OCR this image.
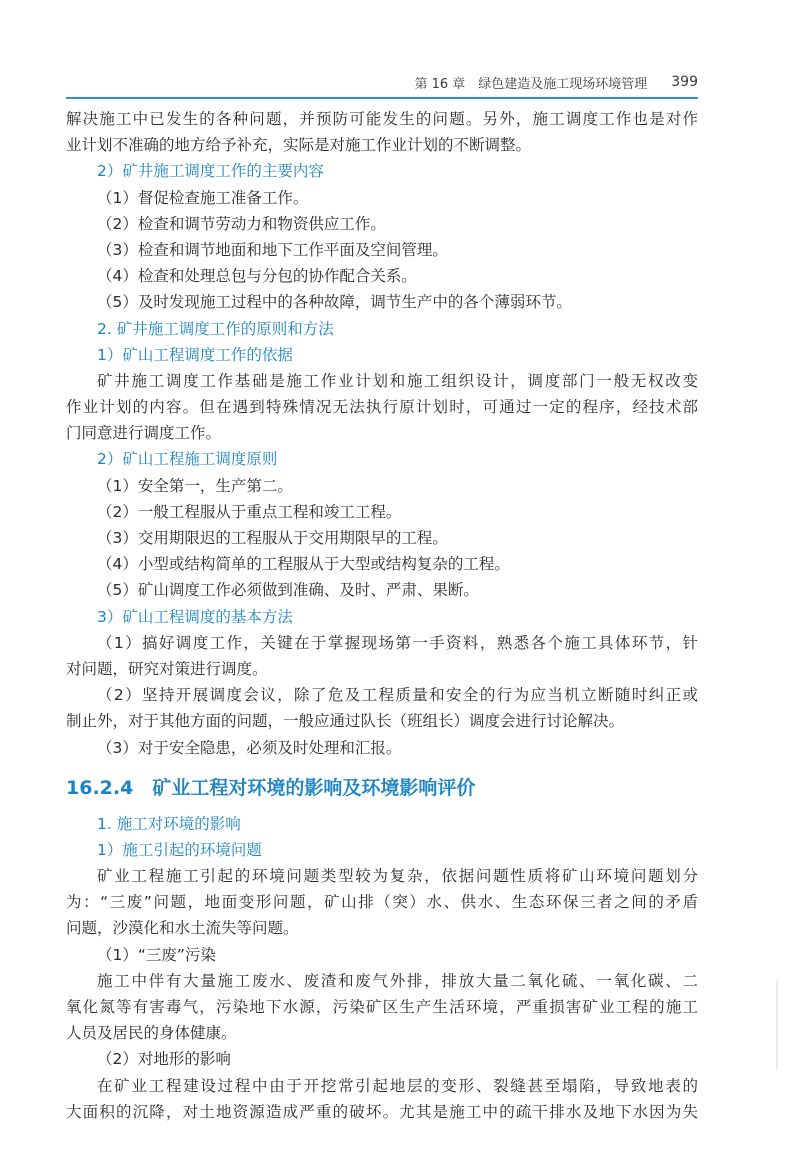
第 16 章　绿色建造及施工现场环境管理 399
解决施工中已发生的各种问题，并预防可能发生的问题。另外，施工调度工作也是对作
业计划不准确的地方给予补充，实际是对施工作业计划的不断调整。
2）矿井施工调度工作的主要内容
（1）督促检查施工准备工作。
（2）检查和调节劳动力和物资供应工作。
（3）检查和调节地面和地下工作平面及空间管理。
（4）检查和处理总包与分包的协作配合关系。
（5）及时发现施工过程中的各种故障，调节生产中的各个薄弱环节。
2. 矿井施工调度工作的原则和方法
1）矿山工程调度工作的依据
矿井施工调度工作基础是施工作业计划和施工组织设计，调度部门一般无权改变
作业计划的内容。但在遇到特殊情况无法执行原计划时，可通过一定的程序，经技术部
门同意进行调度工作。
2）矿山工程施工调度原则
（1）安全第一，生产第二。
（2）一般工程服从于重点工程和竣工工程。
（3）交用期限迟的工程服从于交用期限早的工程。
（4）小型或结构简单的工程服从于大型或结构复杂的工程。
（5）矿山调度工作必须做到准确、及时、严肃、果断。
3）矿山工程调度的基本方法
（1）搞好调度工作，关键在于掌握现场第一手资料，熟悉各个施工具体环节，针
对问题，研究对策进行调度。
（2）坚持开展调度会议，除了危及工程质量和安全的行为应当机立断随时纠正或
制止外，对于其他方面的问题，一般应通过队长（班组长）调度会进行讨论解决。
（3）对于安全隐患，必须及时处理和汇报。
16.2.4　矿业工程对环境的影响及环境影响评价
1. 施工对环境的影响
1）施工引起的环境问题
矿业工程施工引起的环境问题类型较为复杂，依据问题性质将矿山环境问题划分
为：“三废”问题，地面变形问题，矿山排（突）水、供水、生态环保三者之间的矛盾
问题，沙漠化和水土流失等问题。
（1）“三废”污染
施工中伴有大量施工废水、废渣和废气外排，排放大量二氧化硫、一氧化碳、二
氧化氮等有害毒气，污染地下水源，污染矿区生产生活环境，严重损害矿业工程的施工
人员及居民的身体健康。
（2）对地形的影响
在矿业工程建设过程中由于开挖常引起地层的变形、裂缝甚至塌陷，导致地表的
大面积的沉降，对土地资源造成严重的破坏。尤其是施工中的疏干排水及地下水因为失
